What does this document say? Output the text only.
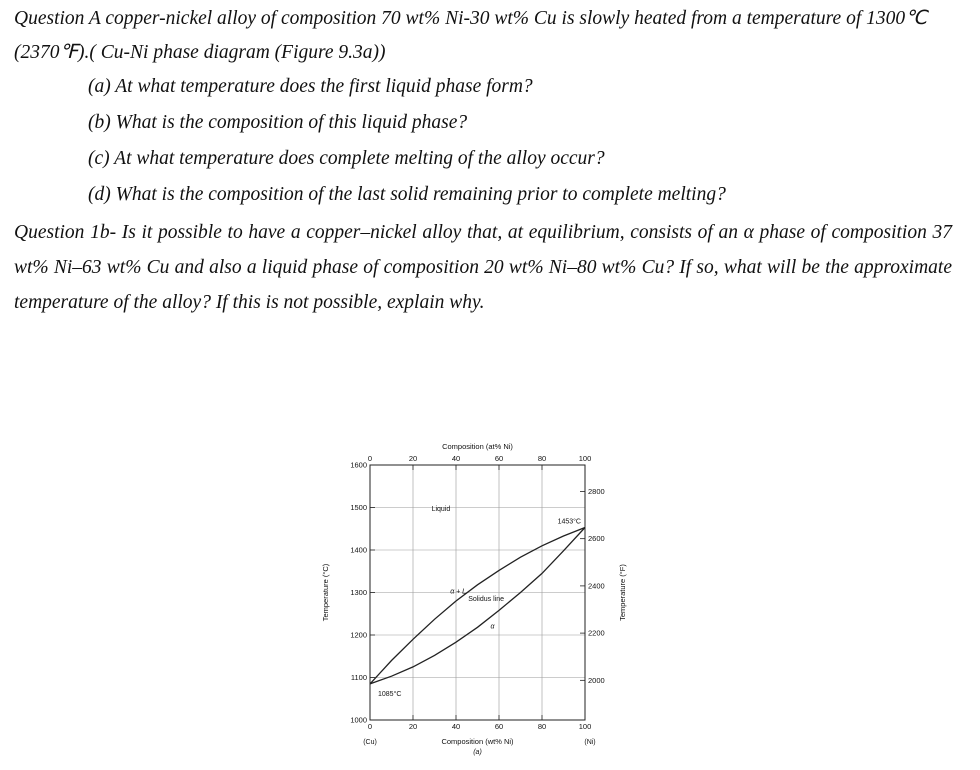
Question A copper-nickel alloy of composition 70 wt% Ni-30 wt% Cu is slowly heated from a temperature of 1300℃
(2370℉).( Cu-Ni phase diagram (Figure 9.3a))
(a) At what temperature does the first liquid phase form?
(b) What is the composition of this liquid phase?
(c) At what temperature does complete melting of the alloy occur?
(d) What is the composition of the last solid remaining prior to complete melting?
Question 1b- Is it possible to have a copper–nickel alloy that, at equilibrium, consists of an α phase of composition 37 wt% Ni–63 wt% Cu and also a liquid phase of composition 20 wt% Ni–80 wt% Cu? If so, what will be the approximate temperature of the alloy? If this is not possible, explain why.
0	20	40	60	80	100
0	20	40	60	80	100
1000
1100
1200
1300
1400
1500
1600
2000
2200
2400
2600
2800
Composition (at% Ni)
Composition (wt% Ni)
(a)
Temperature (°C)	Temperature (°F)
(Cu)	(Ni)
1085°C
1453°C
Liquid
α + L
Solidus line
α
